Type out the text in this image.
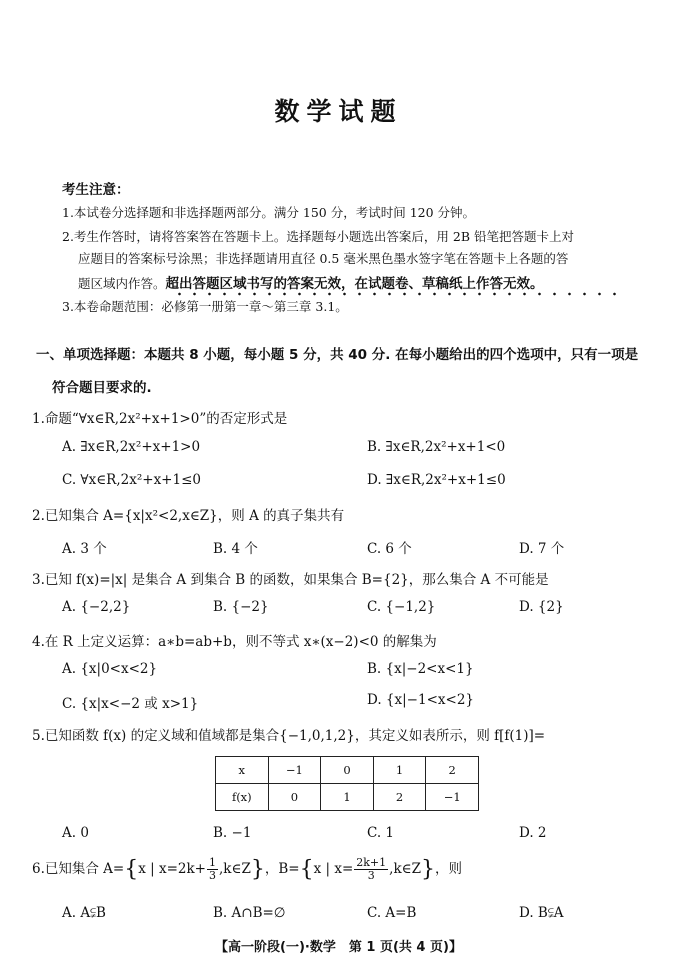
数学试题
考生注意：
1.本试卷分选择题和非选择题两部分。满分 150 分，考试时间 120 分钟。
2.考生作答时，请将答案答在答题卡上。选择题每小题选出答案后，用 2B 铅笔把答题卡上对
应题目的答案标号涂黑；非选择题请用直径 0.5 毫米黑色墨水签字笔在答题卡上各题的答
题区域内作答。超出答题区域书写的答案无效，在试题卷、草稿纸上作答无效。
3.本卷命题范围：必修第一册第一章～第三章 3.1。
一、单项选择题：本题共 8 小题，每小题 5 分，共 40 分. 在每小题给出的四个选项中，只有一项是
符合题目要求的.
1.命题“∀x∈R,2x²+x+1>0”的否定形式是
A. ∃x∈R,2x²+x+1>0	B. ∃x∈R,2x²+x+1<0
C. ∀x∈R,2x²+x+1≤0	D. ∃x∈R,2x²+x+1≤0
2.已知集合 A={x|x²<2,x∈Z}，则 A 的真子集共有
A. 3 个	B. 4 个	C. 6 个	D. 7 个
3.已知 f(x)=|x| 是集合 A 到集合 B 的函数，如果集合 B={2}，那么集合 A 不可能是
A. {−2,2}	B. {−2}	C. {−1,2}	D. {2}
4.在 R 上定义运算：a∗b=ab+b，则不等式 x∗(x−2)<0 的解集为
A. {x|0<x<2}	B. {x|−2<x<1}
C. {x|x<−2 或 x>1}	D. {x|−1<x<2}
5.已知函数 f(x) 的定义域和值域都是集合{−1,0,1,2}，其定义如表所示，则 f[f(1)]=
x	−1	0	1	2
f(x)	0	1	2	−1
A. 0	B. −1	C. 1	D. 2
6.已知集合 A={x | $x=2k+ \frac{1}{3}$ ,k∈Z}，B={x | $x= \frac{2k+1}{3}$ ,k∈Z}，则
A. A⫋B	B. A∩B=∅	C. A=B	D. B⫋A
【高一阶段(一)·数学　第 1 页(共 4 页)】
